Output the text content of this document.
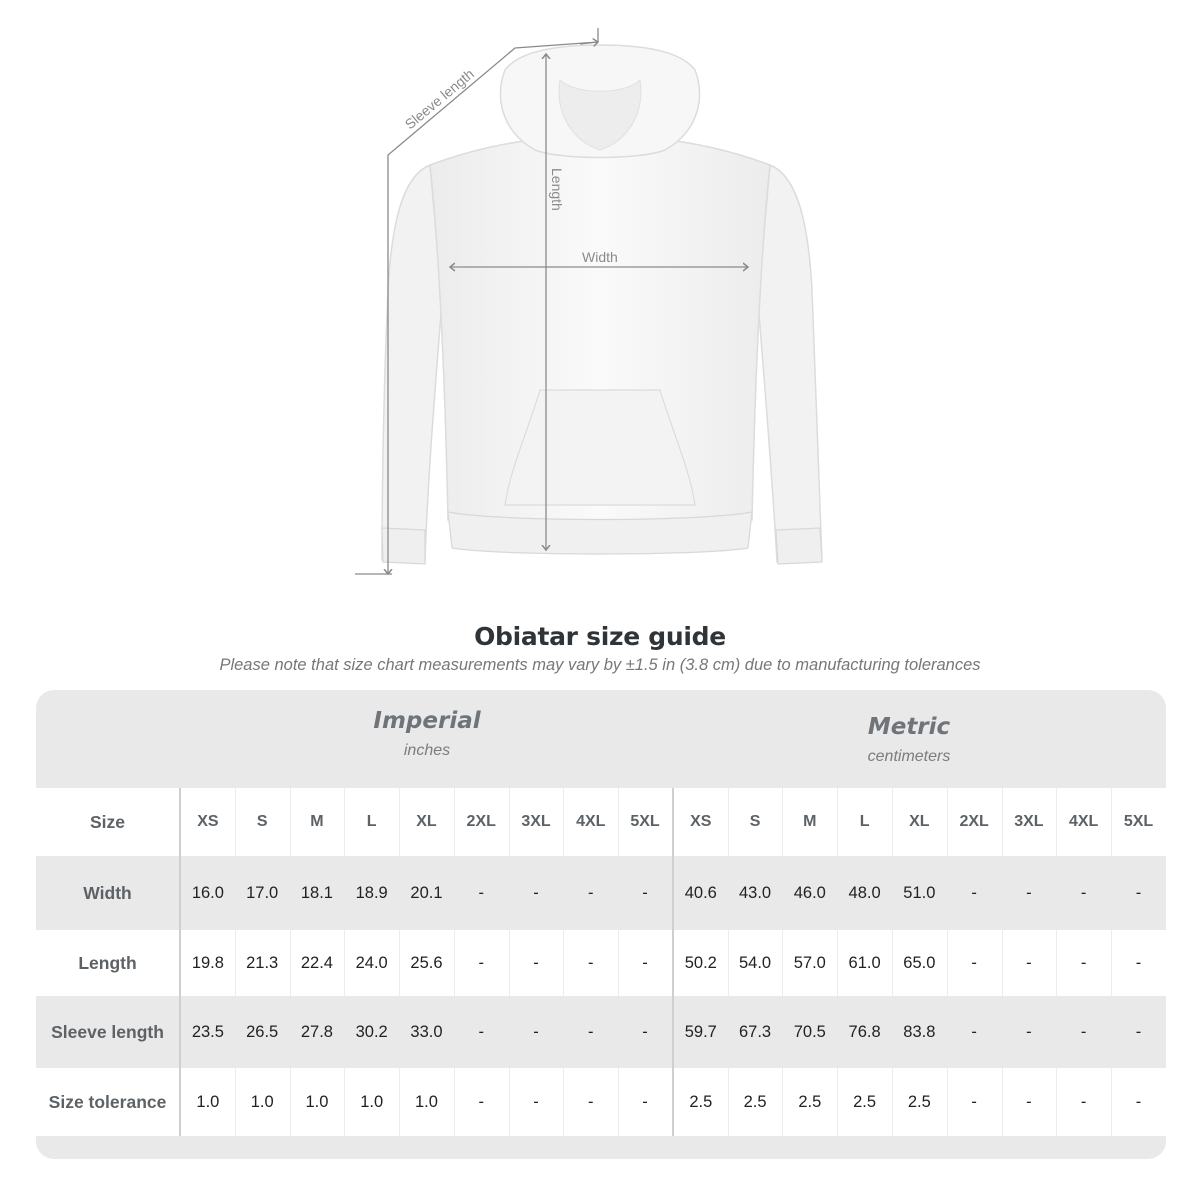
Sleeve length
Length
Width
Obiatar size guide
Please note that size chart measurements may vary by ±1.5 in (3.8 cm) due to manufacturing tolerances
Imperial
inches
Metric
centimeters
Size	XS	S	M	L	XL	2XL	3XL	4XL	5XL	XS	S	M	L	XL	2XL	3XL	4XL	5XL
Width	16.0	17.0	18.1	18.9	20.1	-	-	-	-	40.6	43.0	46.0	48.0	51.0	-	-	-	-
Length	19.8	21.3	22.4	24.0	25.6	-	-	-	-	50.2	54.0	57.0	61.0	65.0	-	-	-	-
Sleeve length	23.5	26.5	27.8	30.2	33.0	-	-	-	-	59.7	67.3	70.5	76.8	83.8	-	-	-	-
Size tolerance	1.0	1.0	1.0	1.0	1.0	-	-	-	-	2.5	2.5	2.5	2.5	2.5	-	-	-	-
